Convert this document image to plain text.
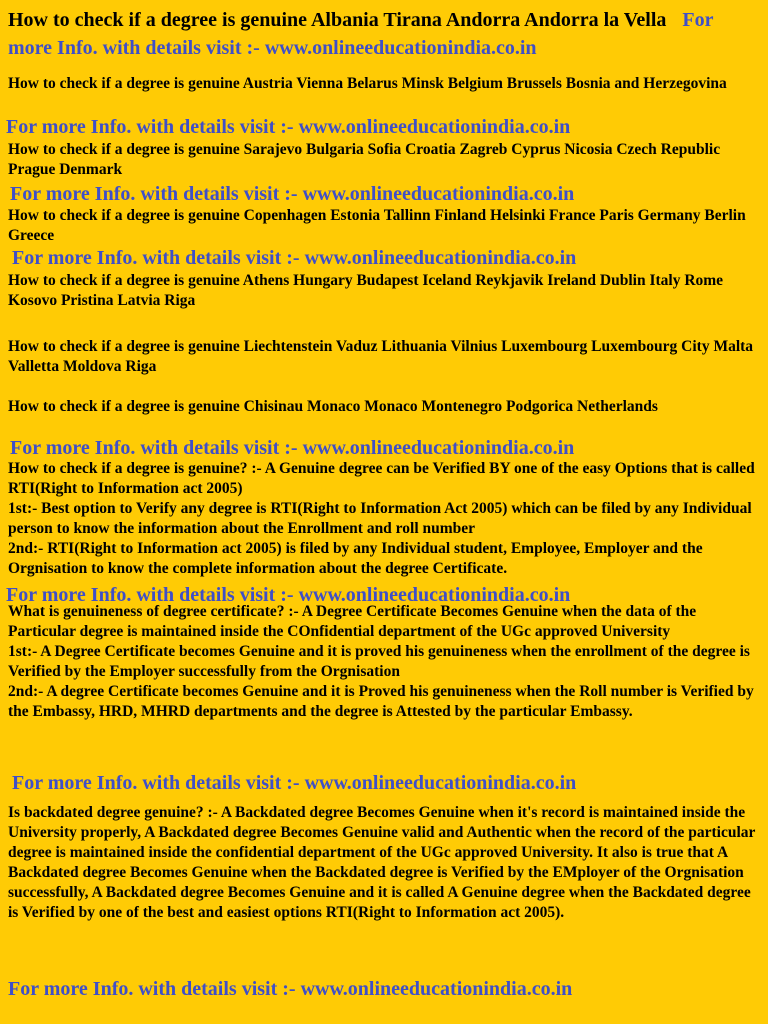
How to check if a degree is genuine Albania Tirana Andorra Andorra la Vella For more Info. with details visit :- www.onlineeducationindia.co.in
How to check if a degree is genuine Austria Vienna Belarus Minsk Belgium Brussels Bosnia and Herzegovina
For more Info. with details visit :- www.onlineeducationindia.co.in
How to check if a degree is genuine Sarajevo Bulgaria Sofia Croatia Zagreb Cyprus Nicosia Czech Republic Prague Denmark
For more Info. with details visit :- www.onlineeducationindia.co.in
How to check if a degree is genuine Copenhagen Estonia Tallinn Finland Helsinki France Paris Germany Berlin Greece
For more Info. with details visit :- www.onlineeducationindia.co.in
How to check if a degree is genuine Athens Hungary Budapest Iceland Reykjavik Ireland Dublin Italy Rome Kosovo Pristina Latvia Riga
How to check if a degree is genuine Liechtenstein Vaduz Lithuania Vilnius Luxembourg Luxembourg City Malta Valletta Moldova Riga
How to check if a degree is genuine Chisinau Monaco Monaco Montenegro Podgorica Netherlands
For more Info. with details visit :- www.onlineeducationindia.co.in
How to check if a degree is genuine? :- A Genuine degree can be Verified BY one of the easy Options that is called RTI(Right to Information act 2005)
1st:- Best option to Verify any degree is RTI(Right to Information Act 2005) which can be filed by any Individual person to know the information about the Enrollment and roll number
2nd:- RTI(Right to Information act 2005) is filed by any Individual student, Employee, Employer and the Orgnisation to know the complete information about the degree Certificate.
For more Info. with details visit :- www.onlineeducationindia.co.in
What is genuineness of degree certificate? :- A Degree Certificate Becomes Genuine when the data of the Particular degree is maintained inside the COnfidential department of the UGc approved University
1st:- A Degree Certificate becomes Genuine and it is proved his genuineness when the enrollment of the degree is Verified by the Employer successfully from the Orgnisation
2nd:- A degree Certificate becomes Genuine and it is Proved his genuineness when the Roll number is Verified by the Embassy, HRD, MHRD departments and the degree is Attested by the particular Embassy.
For more Info. with details visit :- www.onlineeducationindia.co.in
Is backdated degree genuine? :- A Backdated degree Becomes Genuine when it's record is maintained inside the University properly, A Backdated degree Becomes Genuine valid and Authentic when the record of the particular degree is maintained inside the confidential department of the UGc approved University. It also is true that A Backdated degree Becomes Genuine when the Backdated degree is Verified by the EMployer of the Orgnisation successfully, A Backdated degree Becomes Genuine and it is called A Genuine degree when the Backdated degree is Verified by one of the best and easiest options RTI(Right to Information act 2005).
For more Info. with details visit :- www.onlineeducationindia.co.in
